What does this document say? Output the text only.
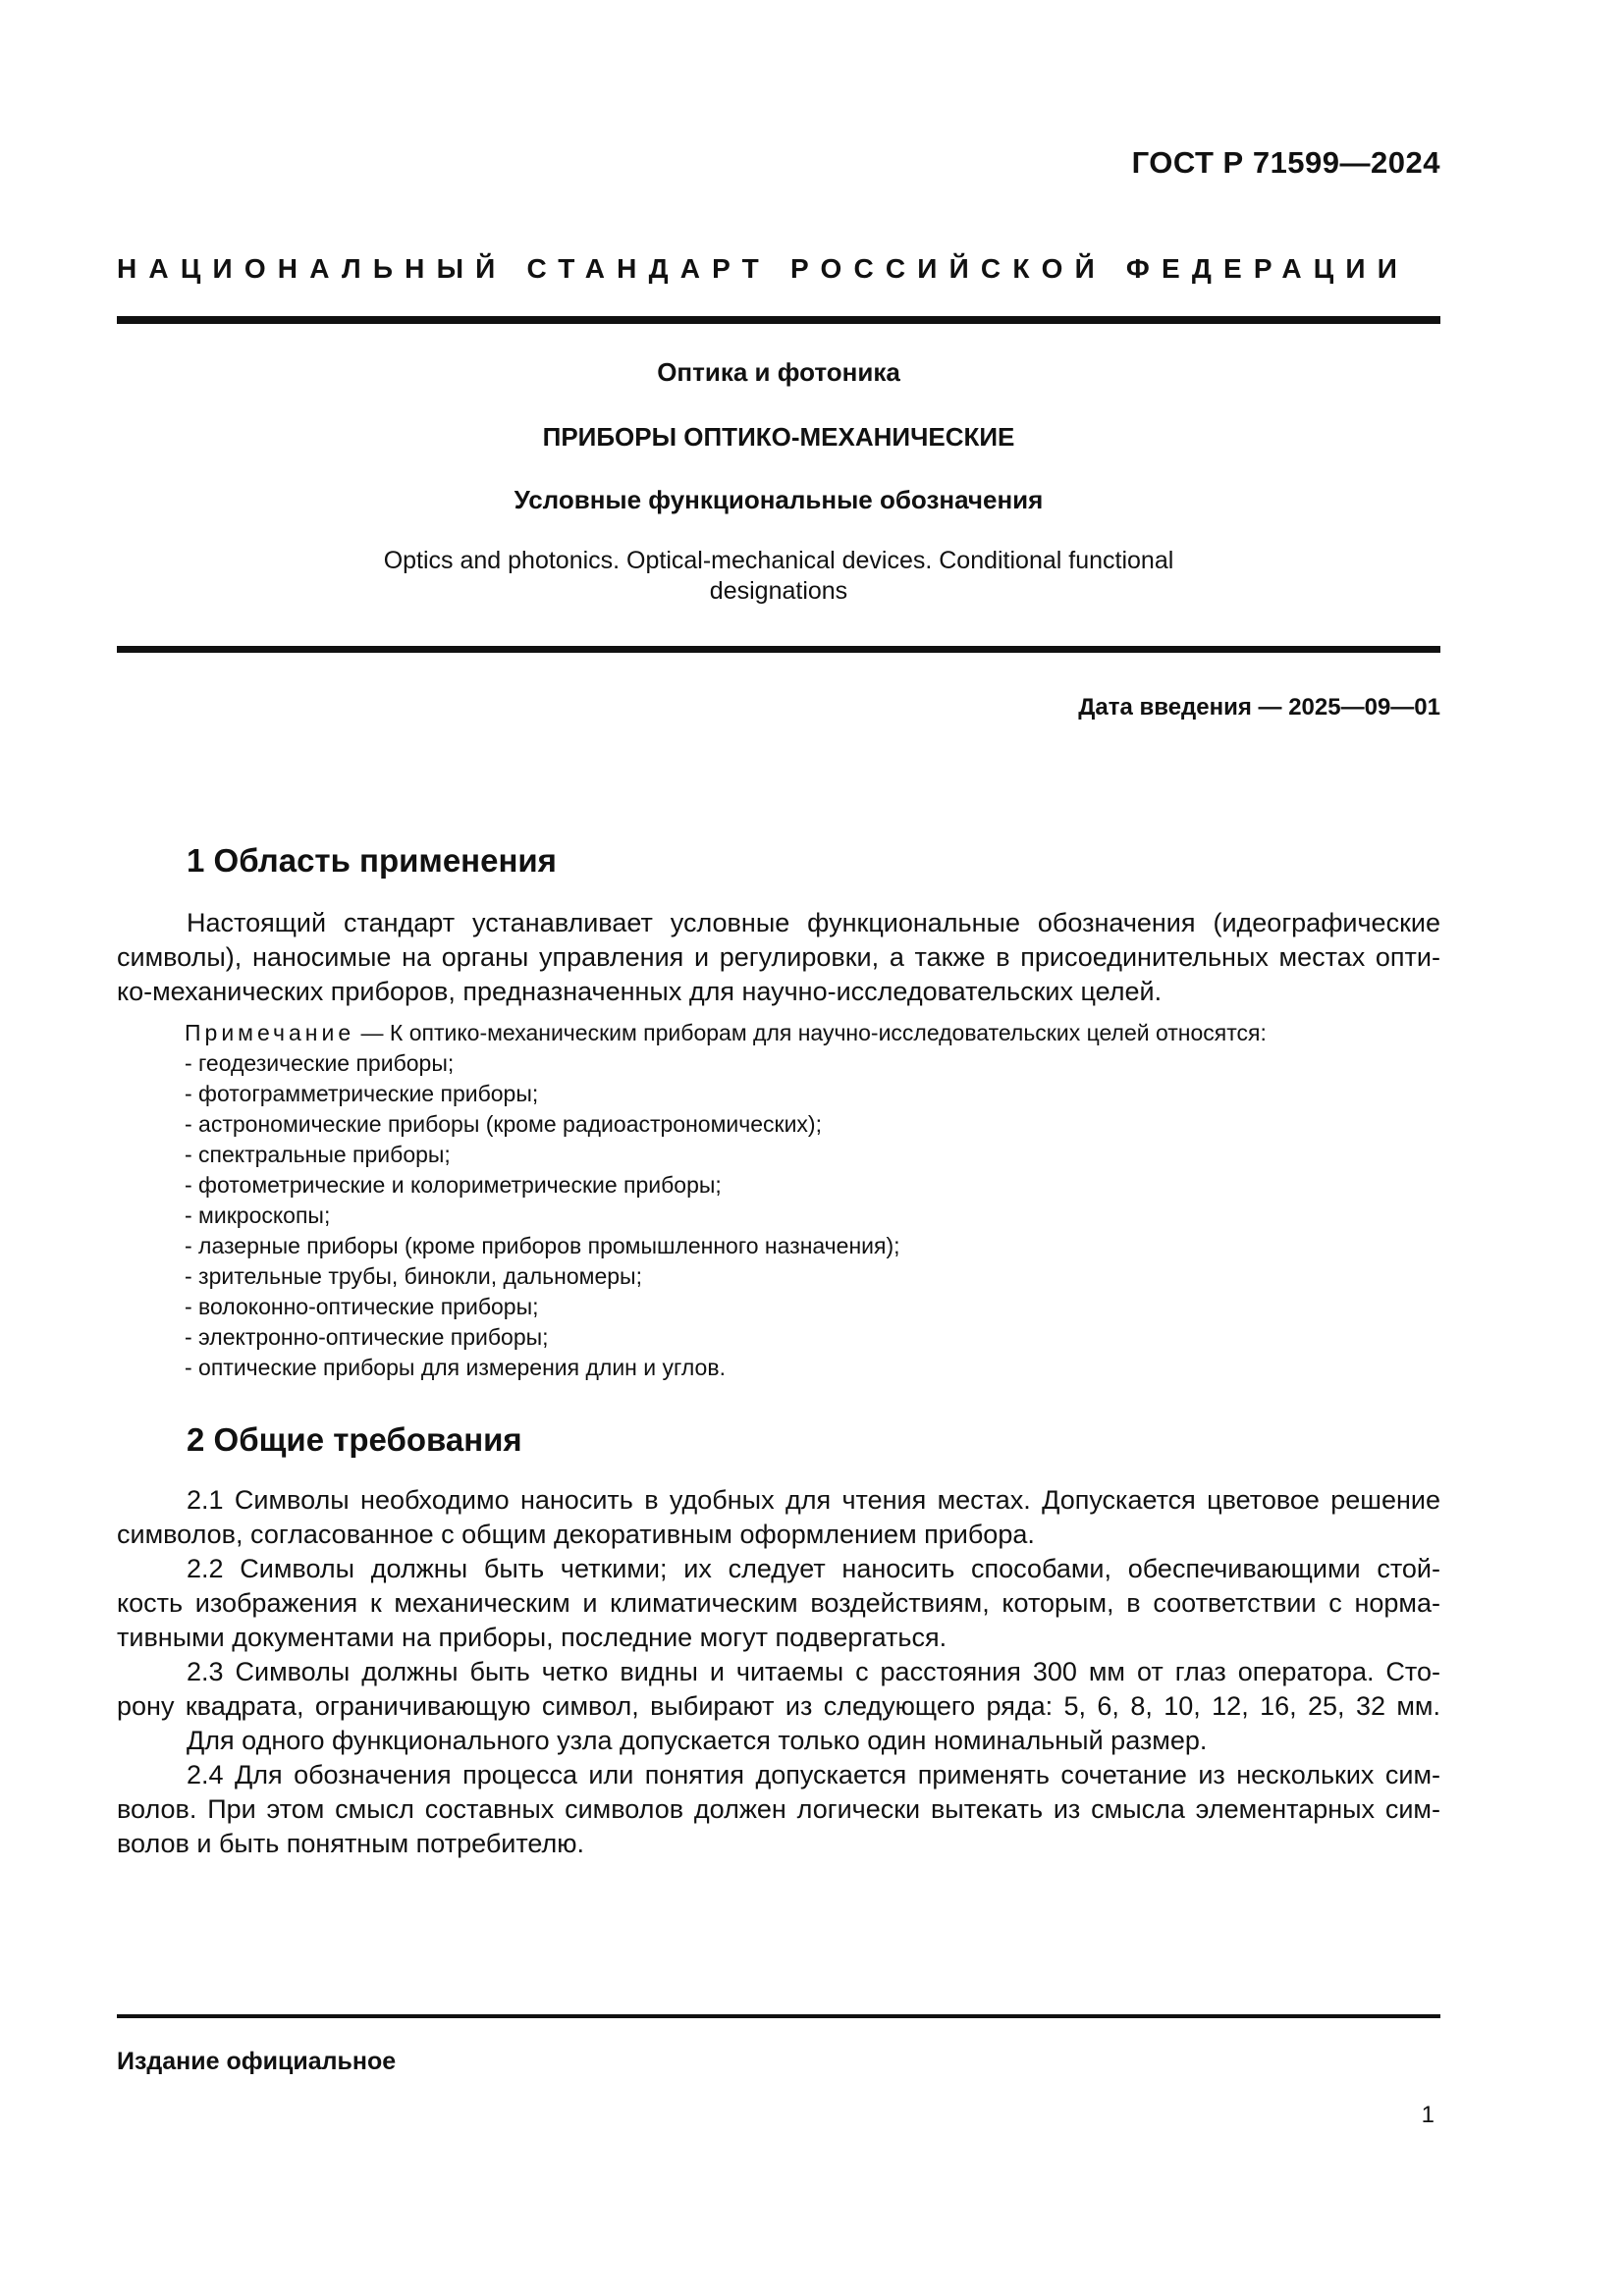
ГОСТ Р 71599—2024
НАЦИОНАЛЬНЫЙ СТАНДАРТ РОССИЙСКОЙ ФЕДЕРАЦИИ
Оптика и фотоника
ПРИБОРЫ ОПТИКО-МЕХАНИЧЕСКИЕ
Условные функциональные обозначения
Optics and photonics. Optical-mechanical devices. Conditional functional
designations
Дата введения — 2025—09—01
1 Область применения
Настоящий стандарт устанавливает условные функциональные обозначения (идеографические
символы), наносимые на органы управления и регулировки, а также в присоединительных местах опти-
ко-механических приборов, предназначенных для научно-исследовательских целей.
Примечание — К оптико-механическим приборам для научно-исследовательских целей относятся:
- геодезические приборы;
- фотограмметрические приборы;
- астрономические приборы (кроме радиоастрономических);
- спектральные приборы;
- фотометрические и колориметрические приборы;
- микроскопы;
- лазерные приборы (кроме приборов промышленного назначения);
- зрительные трубы, бинокли, дальномеры;
- волоконно-оптические приборы;
- электронно-оптические приборы;
- оптические приборы для измерения длин и углов.
2 Общие требования
2.1 Символы необходимо наносить в удобных для чтения местах. Допускается цветовое решение
символов, согласованное с общим декоративным оформлением прибора.
2.2 Символы должны быть четкими; их следует наносить способами, обеспечивающими стой-
кость изображения к механическим и климатическим воздействиям, которым, в соответствии с норма-
тивными документами на приборы, последние могут подвергаться.
2.3 Символы должны быть четко видны и читаемы с расстояния 300 мм от глаз оператора. Сто-
рону квадрата, ограничивающую символ, выбирают из следующего ряда: 5, 6, 8, 10, 12, 16, 25, 32 мм.
Для одного функционального узла допускается только один номинальный размер.
2.4 Для обозначения процесса или понятия допускается применять сочетание из нескольких сим-
волов. При этом смысл составных символов должен логически вытекать из смысла элементарных сим-
волов и быть понятным потребителю.
Издание официальное
1
